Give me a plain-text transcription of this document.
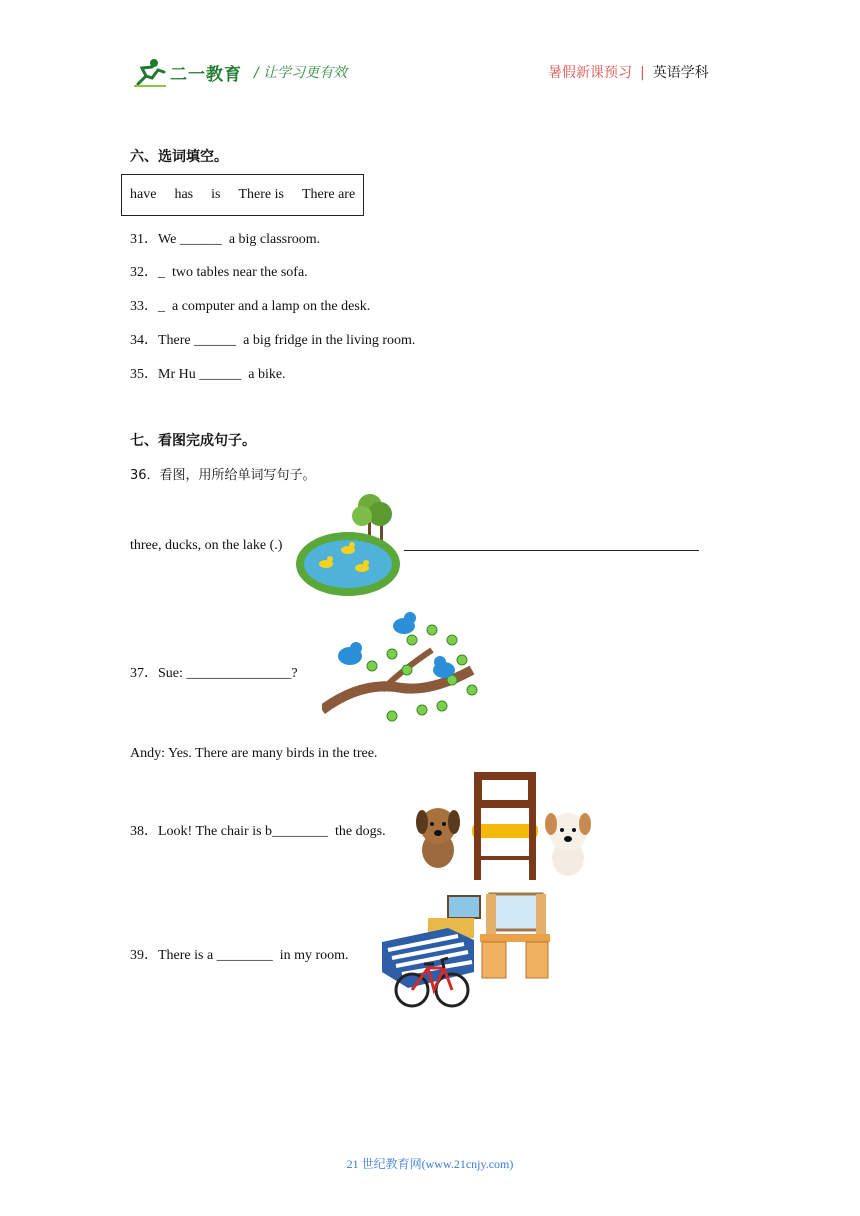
二一教育 / 让学习更有效	暑假新课预习 | 英语学科
六、选词填空。
have has is There is There are
31．We ______  a big classroom.
32．_  two tables near the sofa.
33．_  a computer and a lamp on the desk.
34．There ______  a big fridge in the living room.
35．Mr Hu ______  a bike.
七、看图完成句子。
36．看图，用所给单词写句子。
three, ducks, on the lake (.)
37．Sue: _______________?
Andy: Yes. There are many birds in the tree.
38．Look! The chair is b________  the dogs.
39．There is a ________  in my room.
21 世纪教育网(www.21cnjy.com)
